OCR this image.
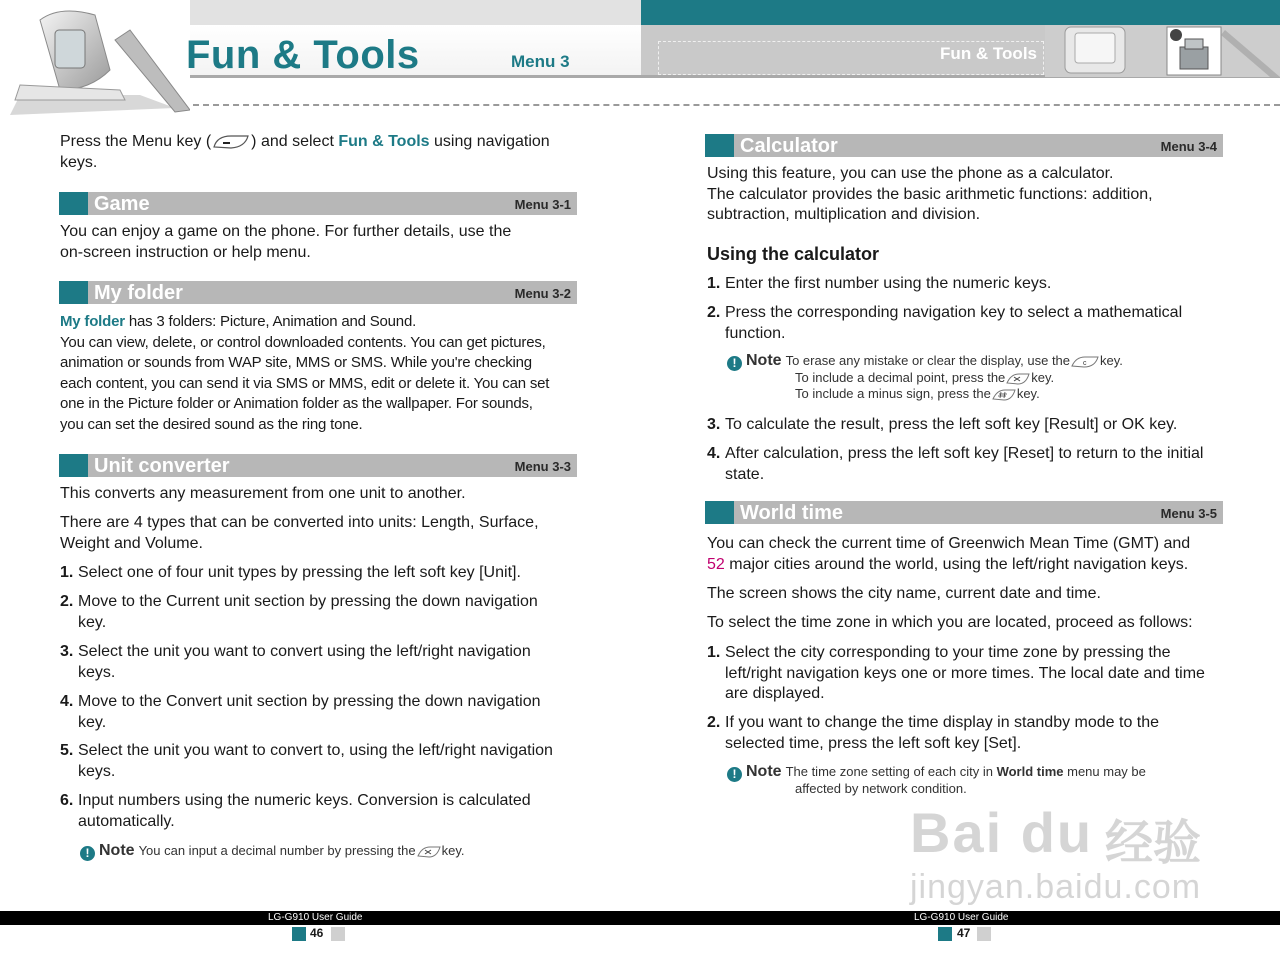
Fun & Tools	Menu 3	Fun & Tools
Press the Menu key (	) and select Fun & Tools using navigation
keys.
Game	Menu 3-1
You can enjoy a game on the phone. For further details, use the
on-screen instruction or help menu.
My folder	Menu 3-2
My folder has 3 folders: Picture, Animation and Sound.
You can view, delete, or control downloaded contents. You can get pictures,
animation or sounds from WAP site, MMS or SMS. While you're checking
each content, you can send it via SMS or MMS, edit or delete it. You can set
one in the Picture folder or Animation folder as the wallpaper. For sounds,
you can set the desired sound as the ring tone.
Unit converter	Menu 3-3
This converts any measurement from one unit to another.
There are 4 types that can be converted into units: Length, Surface,
Weight and Volume.
1. Select one of four unit types by pressing the left soft key [Unit].
2. Move to the Current unit section by pressing the down navigation
key.
3. Select the unit you want to convert using the left/right navigation
keys.
4. Move to the Convert unit section by pressing the down navigation
key.
5. Select the unit you want to convert to, using the left/right navigation
keys.
6. Input numbers using the numeric keys. Conversion is calculated
automatically.
! Note You can input a decimal number by pressing the key.
Calculator	Menu 3-4
Using this feature, you can use the phone as a calculator.
The calculator provides the basic arithmetic functions: addition,
subtraction, multiplication and division.
Using the calculator
1. Enter the first number using the numeric keys.
2. Press the corresponding navigation key to select a mathematical
function.
! Note To erase any mistake or clear the display, use the c key.
To include a decimal point, press the key.
To include a minus sign, press the key.
3. To calculate the result, press the left soft key [Result] or OK key.
4. After calculation, press the left soft key [Reset] to return to the initial
state.
World time	Menu 3-5
You can check the current time of Greenwich Mean Time (GMT) and
52 major cities around the world, using the left/right navigation keys.
The screen shows the city name, current date and time.
To select the time zone in which you are located, proceed as follows:
1. Select the city corresponding to your time zone by pressing the
left/right navigation keys one or more times. The local date and time
are displayed.
2. If you want to change the time display in standby mode to the
selected time, press the left soft key [Set].
! Note The time zone setting of each city in World time menu may be
affected by network condition.
Bai du 经验
jingyan.baidu.com
LG-G910 User Guide	LG-G910 User Guide
46	47
